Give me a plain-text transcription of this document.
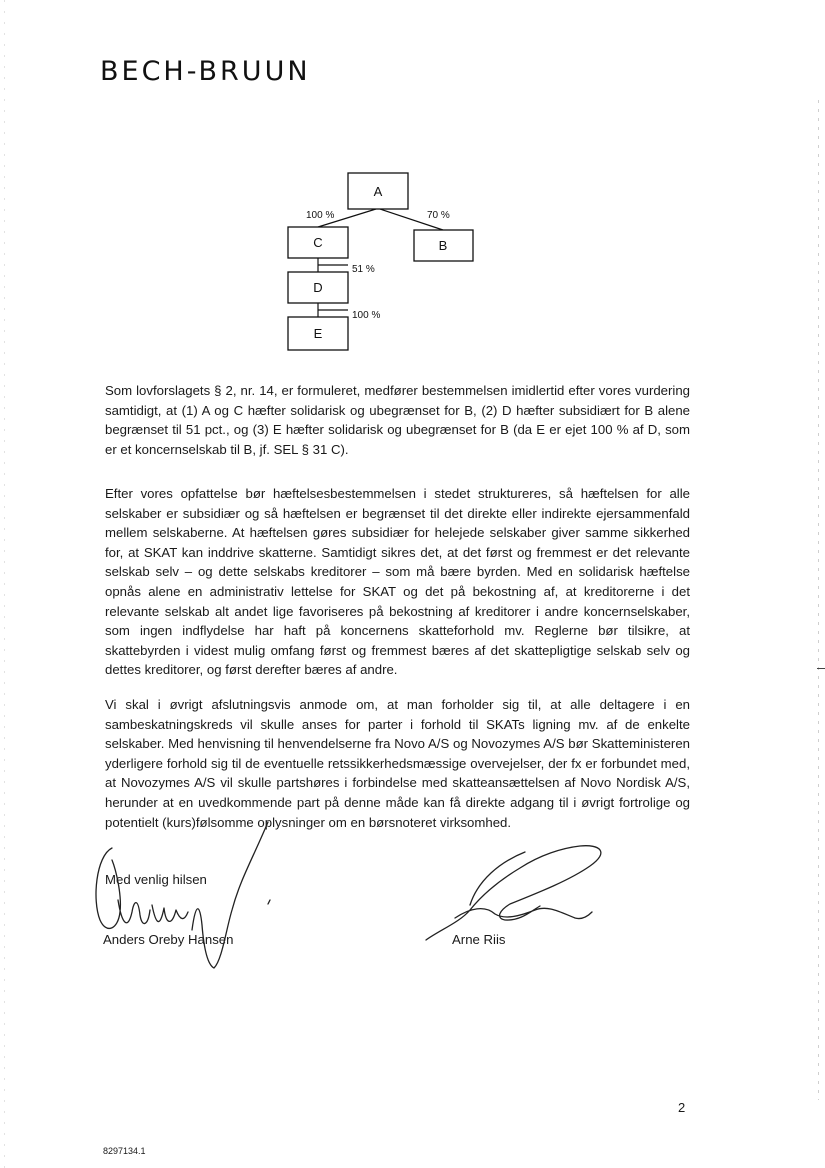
BECH-BRUUN
A
C	B
D
E
100 %	70 %
51 %
100 %

Som lovforslagets § 2, nr. 14, er formuleret, medfører bestemmelsen imidlertid efter vores vurdering samtidigt, at (1) A og C hæfter solidarisk og ubegrænset for B, (2) D hæfter subsidiært for B alene begrænset til 51 pct., og (3) E hæfter solidarisk og ubegrænset for B (da E er ejet 100 % af D, som er et koncernselskab til B, jf. SEL § 31 C).

Efter vores opfattelse bør hæftelsesbestemmelsen i stedet struktureres, så hæftelsen for alle selskaber er subsidiær og så hæftelsen er begrænset til det direkte eller indirekte ejersammenfald mellem selskaberne. At hæftelsen gøres subsidiær for helejede selskaber giver samme sikkerhed for, at SKAT kan inddrive skatterne. Samtidigt sikres det, at det først og fremmest er det relevante selskab selv – og dette selskabs kreditorer – som må bære byrden. Med en solidarisk hæftelse opnås alene en administrativ lettelse for SKAT og det på bekostning af, at kreditorerne i det relevante selskab alt andet lige favoriseres på bekostning af kreditorer i andre koncernselskaber, som ingen indflydelse har haft på koncernens skatteforhold mv. Reglerne bør tilsikre, at skattebyrden i videst mulig omfang først og fremmest bæres af det skattepligtige selskab selv og dettes kreditorer, og først derefter bæres af andre.

Vi skal i øvrigt afslutningsvis anmode om, at man forholder sig til, at alle deltagere i en sambeskatningskreds vil skulle anses for parter i forhold til SKATs ligning mv. af de enkelte selskaber. Med henvisning til henvendelserne fra Novo A/S og Novozymes A/S bør Skatteministeren yderligere forhold sig til de eventuelle retssikkerhedsmæssige overvejelser, der fx er forbundet med, at Novozymes A/S vil skulle partshøres i forbindelse med skatteansættelsen af Novo Nordisk A/S, herunder at en uvedkommende part på denne måde kan få direkte adgang til i øvrigt fortrolige og potentielt (kurs)følsomme oplysninger om en børsnoteret virksomhed.

Med venlig hilsen
Anders Oreby Hansen	Arne Riis
2
8297134.1
